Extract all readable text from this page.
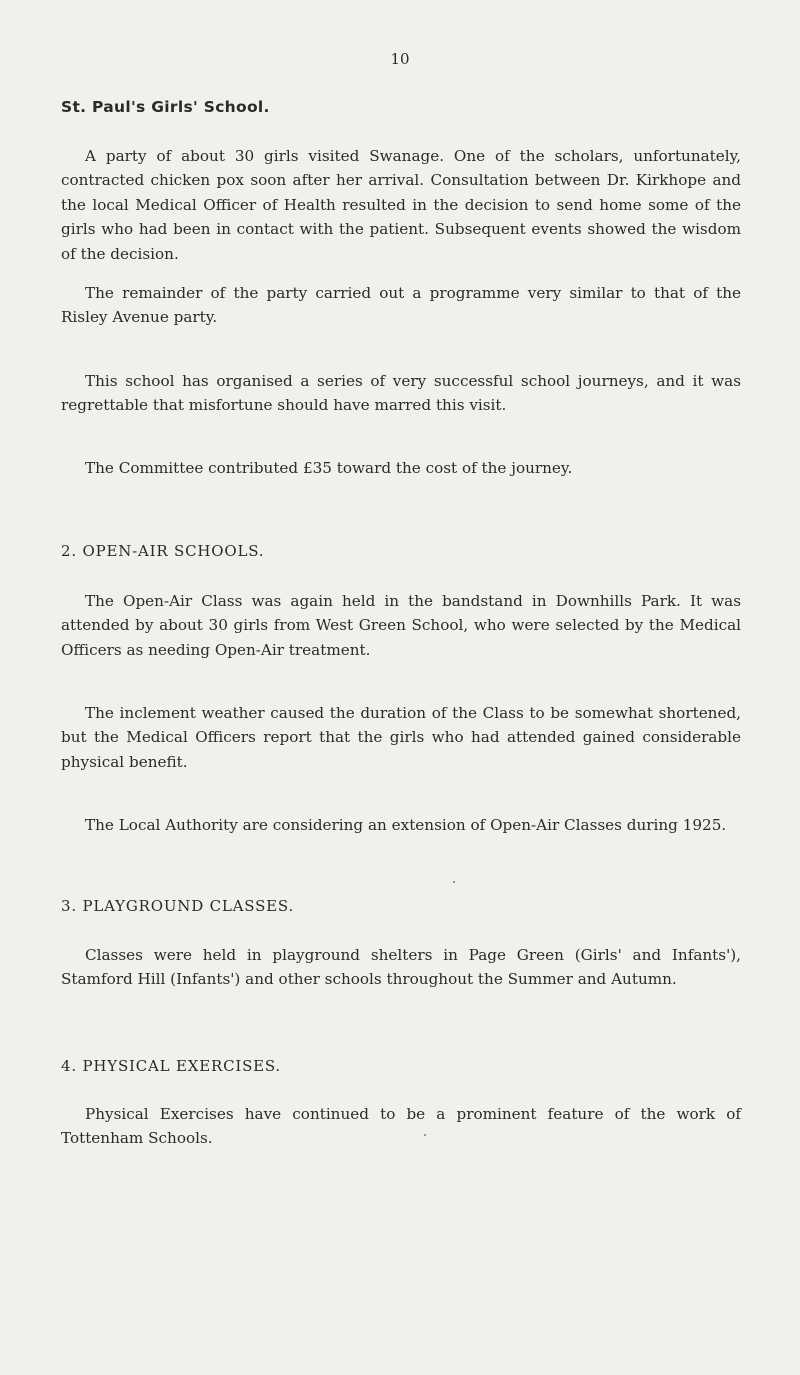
10
St. Paul's Girls' School.

A party of about 30 girls visited Swanage. One of the scholars, unfortunately, contracted chicken pox soon after her arrival. Consultation between Dr. Kirkhope and the local Medical Officer of Health resulted in the decision to send home some of the girls who had been in contact with the patient. Subsequent events showed the wisdom of the decision.

The remainder of the party carried out a programme very similar to that of the Risley Avenue party.

This school has organised a series of very successful school journeys, and it was regrettable that misfortune should have marred this visit.

The Committee contributed £35 toward the cost of the journey.

2. OPEN-AIR SCHOOLS.

The Open-Air Class was again held in the bandstand in Downhills Park. It was attended by about 30 girls from West Green School, who were selected by the Medical Officers as needing Open-Air treatment.

The inclement weather caused the duration of the Class to be somewhat shortened, but the Medical Officers report that the girls who had attended gained considerable physical benefit.

The Local Authority are considering an extension of Open-Air Classes during 1925.

3. PLAYGROUND CLASSES.

Classes were held in playground shelters in Page Green (Girls' and Infants'), Stamford Hill (Infants') and other schools throughout the Summer and Autumn.

4. PHYSICAL EXERCISES.

Physical Exercises have continued to be a prominent feature of the work of Tottenham Schools.
